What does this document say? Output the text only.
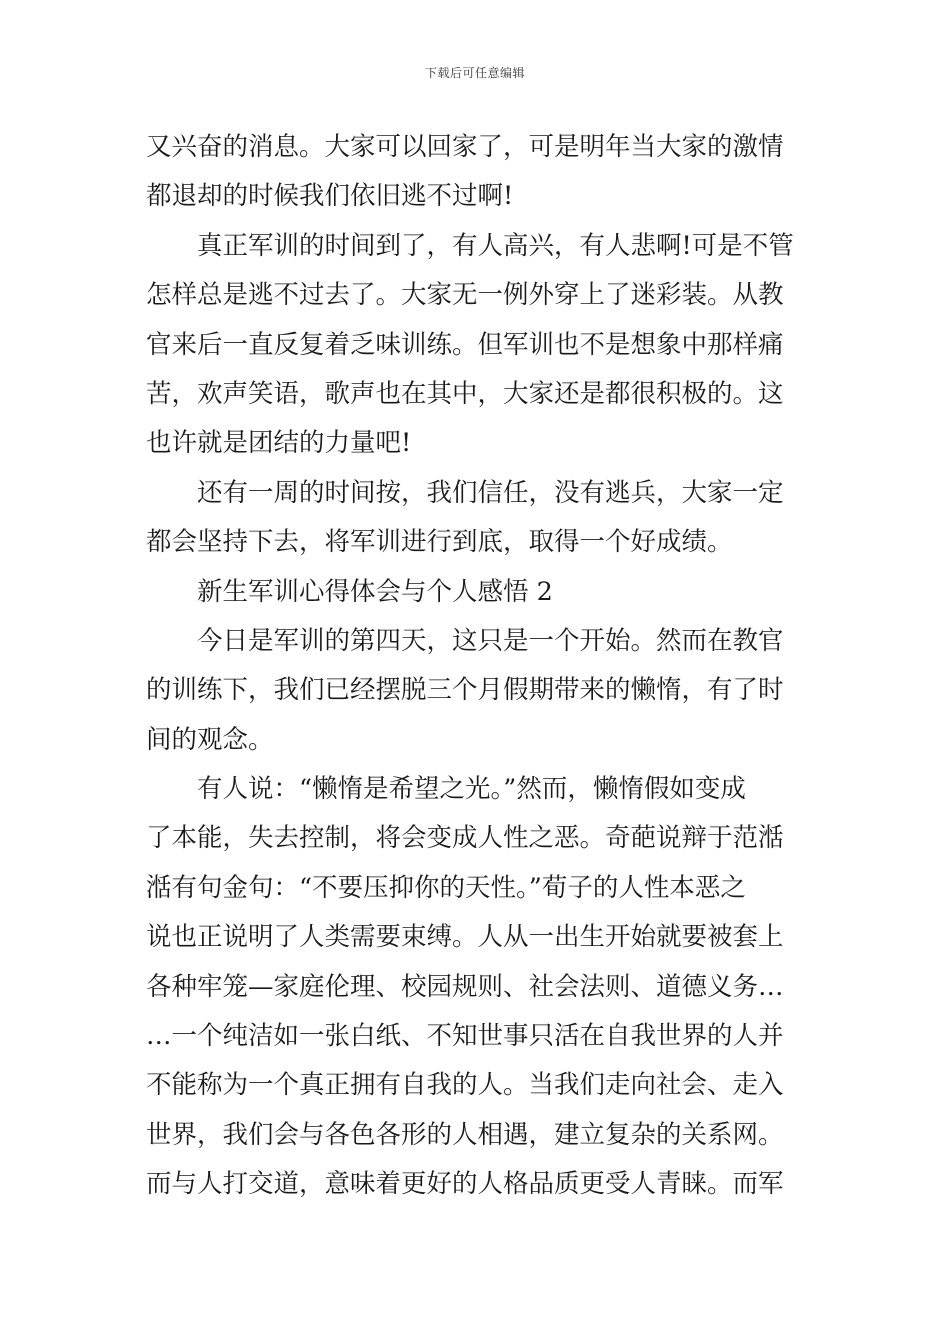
下载后可任意编辑
又兴奋的消息。大家可以回家了，可是明年当大家的激情
都退却的时候我们依旧逃不过啊!
真正军训的时间到了，有人高兴，有人悲啊!可是不管
怎样总是逃不过去了。大家无一例外穿上了迷彩装。从教
官来后一直反复着乏味训练。但军训也不是想象中那样痛
苦，欢声笑语，歌声也在其中，大家还是都很积极的。这
也许就是团结的力量吧!
还有一周的时间按，我们信任，没有逃兵，大家一定
都会坚持下去，将军训进行到底，取得一个好成绩。
新生军训心得体会与个人感悟 2
今日是军训的第四天，这只是一个开始。然而在教官
的训练下，我们已经摆脱三个月假期带来的懒惰，有了时
间的观念。
有人说：“懒惰是希望之光。”然而，懒惰假如变成
了本能，失去控制，将会变成人性之恶。奇葩说辩于范湉
湉有句金句：“不要压抑你的天性。”荀子的人性本恶之
说也正说明了人类需要束缚。人从一出生开始就要被套上
各种牢笼—家庭伦理、校园规则、社会法则、道德义务…
…一个纯洁如一张白纸、不知世事只活在自我世界的人并
不能称为一个真正拥有自我的人。当我们走向社会、走入
世界，我们会与各色各形的人相遇，建立复杂的关系网。
而与人打交道，意味着更好的人格品质更受人青睐。而军
